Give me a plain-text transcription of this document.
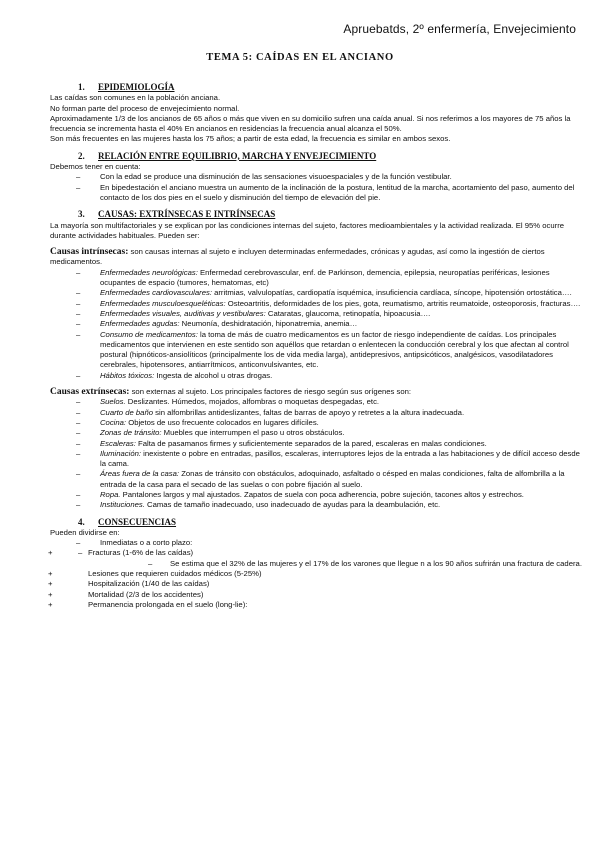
Apruebatds, 2º enfermería, Envejecimiento
TEMA 5: CAÍDAS EN EL ANCIANO
1. EPIDEMIOLOGÍA

Las caídas son comunes en la población anciana.

No forman parte del proceso de envejecimiento normal.

Aproximadamente 1/3 de los ancianos de 65 años o más que viven en su domicilio sufren una caída anual. Si nos referimos a los mayores de 75 años la frecuencia se incrementa hasta el 40% En ancianos en residencias la frecuencia anual alcanza el 50%.

Son más frecuentes en las mujeres hasta los 75 años; a partir de esta edad, la frecuencia es similar en ambos sexos.

2. RELACIÓN ENTRE EQUILIBRIO, MARCHA Y ENVEJECIMIENTO

Debemos tener en cuenta:

– Con la edad se produce una disminución de las sensaciones visuoespaciales y de la función vestibular.
– En bipedestación el anciano muestra un aumento de la inclinación de la postura, lentitud de la marcha, acortamiento del paso, aumento del contacto de los dos pies en el suelo y disminución del tiempo de elevación del pie.
3. CAUSAS: EXTRÍNSECAS E INTRÍNSECAS

La mayoría son multifactoriales y se explican por las condiciones internas del sujeto, factores medioambientales y la actividad realizada. El 95% ocurre durante actividades habituales. Pueden ser:

Causas intrínsecas: son causas internas al sujeto e incluyen determinadas enfermedades, crónicas y agudas, así como la ingestión de ciertos medicamentos.

– Enfermedades neurológicas: Enfermedad cerebrovascular, enf. de Parkinson, demencia, epilepsia, neuropatías periféricas, lesiones ocupantes de espacio (tumores, hematomas, etc)
– Enfermedades cardiovasculares: arritmias, valvulopatías, cardiopatía isquémica, insuficiencia cardíaca, síncope, hipotensión ortostática….
– Enfermedades musculoesqueléticas: Osteoartritis, deformidades de los pies, gota, reumatismo, artritis reumatoide, osteoporosis, fracturas….
– Enfermedades visuales, auditivas y vestibulares: Cataratas, glaucoma, retinopatía, hipoacusia….
– Enfermedades agudas: Neumonía, deshidratación, hiponatremia, anemia…
– Consumo de medicamentos: la toma de más de cuatro medicamentos es un factor de riesgo independiente de caídas. Los principales medicamentos que intervienen en este sentido son aquéllos que retardan o enlentecen la conducción cerebral y los que afectan al control postural (hipnóticos-ansiolíticos (principalmente los de vida media larga), antidepresivos, antipsicóticos, analgésicos, vasodilatadores cerebrales, hipotensores, antiarrítmicos, anticonvulsivantes, etc.
– Hábitos tóxicos: Ingesta de alcohol u otras drogas.

Causas extrínsecas: son externas al sujeto. Los principales factores de riesgo según sus orígenes son:

– Suelos. Deslizantes. Húmedos, mojados, alfombras o moquetas despegadas, etc.
– Cuarto de baño sin alfombrillas antideslizantes, faltas de barras de apoyo y retretes a la altura inadecuada.
– Cocina: Objetos de uso frecuente colocados en lugares difíciles.
– Zonas de tránsito: Muebles que interrumpen el paso u otros obstáculos.
– Escaleras: Falta de pasamanos firmes y suficientemente separados de la pared, escaleras en malas condiciones.
– Iluminación: inexistente o pobre en entradas, pasillos, escaleras, interruptores lejos de la entrada a las habitaciones y de difícil acceso desde la cama.
– Áreas fuera de la casa: Zonas de tránsito con obstáculos, adoquinado, asfaltado o césped en malas condiciones, falta de alfombrilla a la entrada de la casa para el secado de las suelas o con pobre fijación al suelo.
– Ropa. Pantalones largos y mal ajustados. Zapatos de suela con poca adherencia, pobre sujeción, tacones altos y estrechos.
– Instituciones. Camas de tamaño inadecuado, uso inadecuado de ayudas para la deambulación, etc.
4. CONSECUENCIAS

Pueden dividirse en:

– Inmediatas o a corto plazo:
+	– Fracturas (1-6% de las caídas)
– Se estima que el 32% de las mujeres y el 17% de los varones que llegue n a los 90 años sufrirán una fractura de cadera.
+	Lesiones que requieren cuidados médicos (5-25%)
+	Hospitalización (1/40 de las caídas)
+	Mortalidad (2/3 de los accidentes)
+	Permanencia prolongada en el suelo (long-lie):
